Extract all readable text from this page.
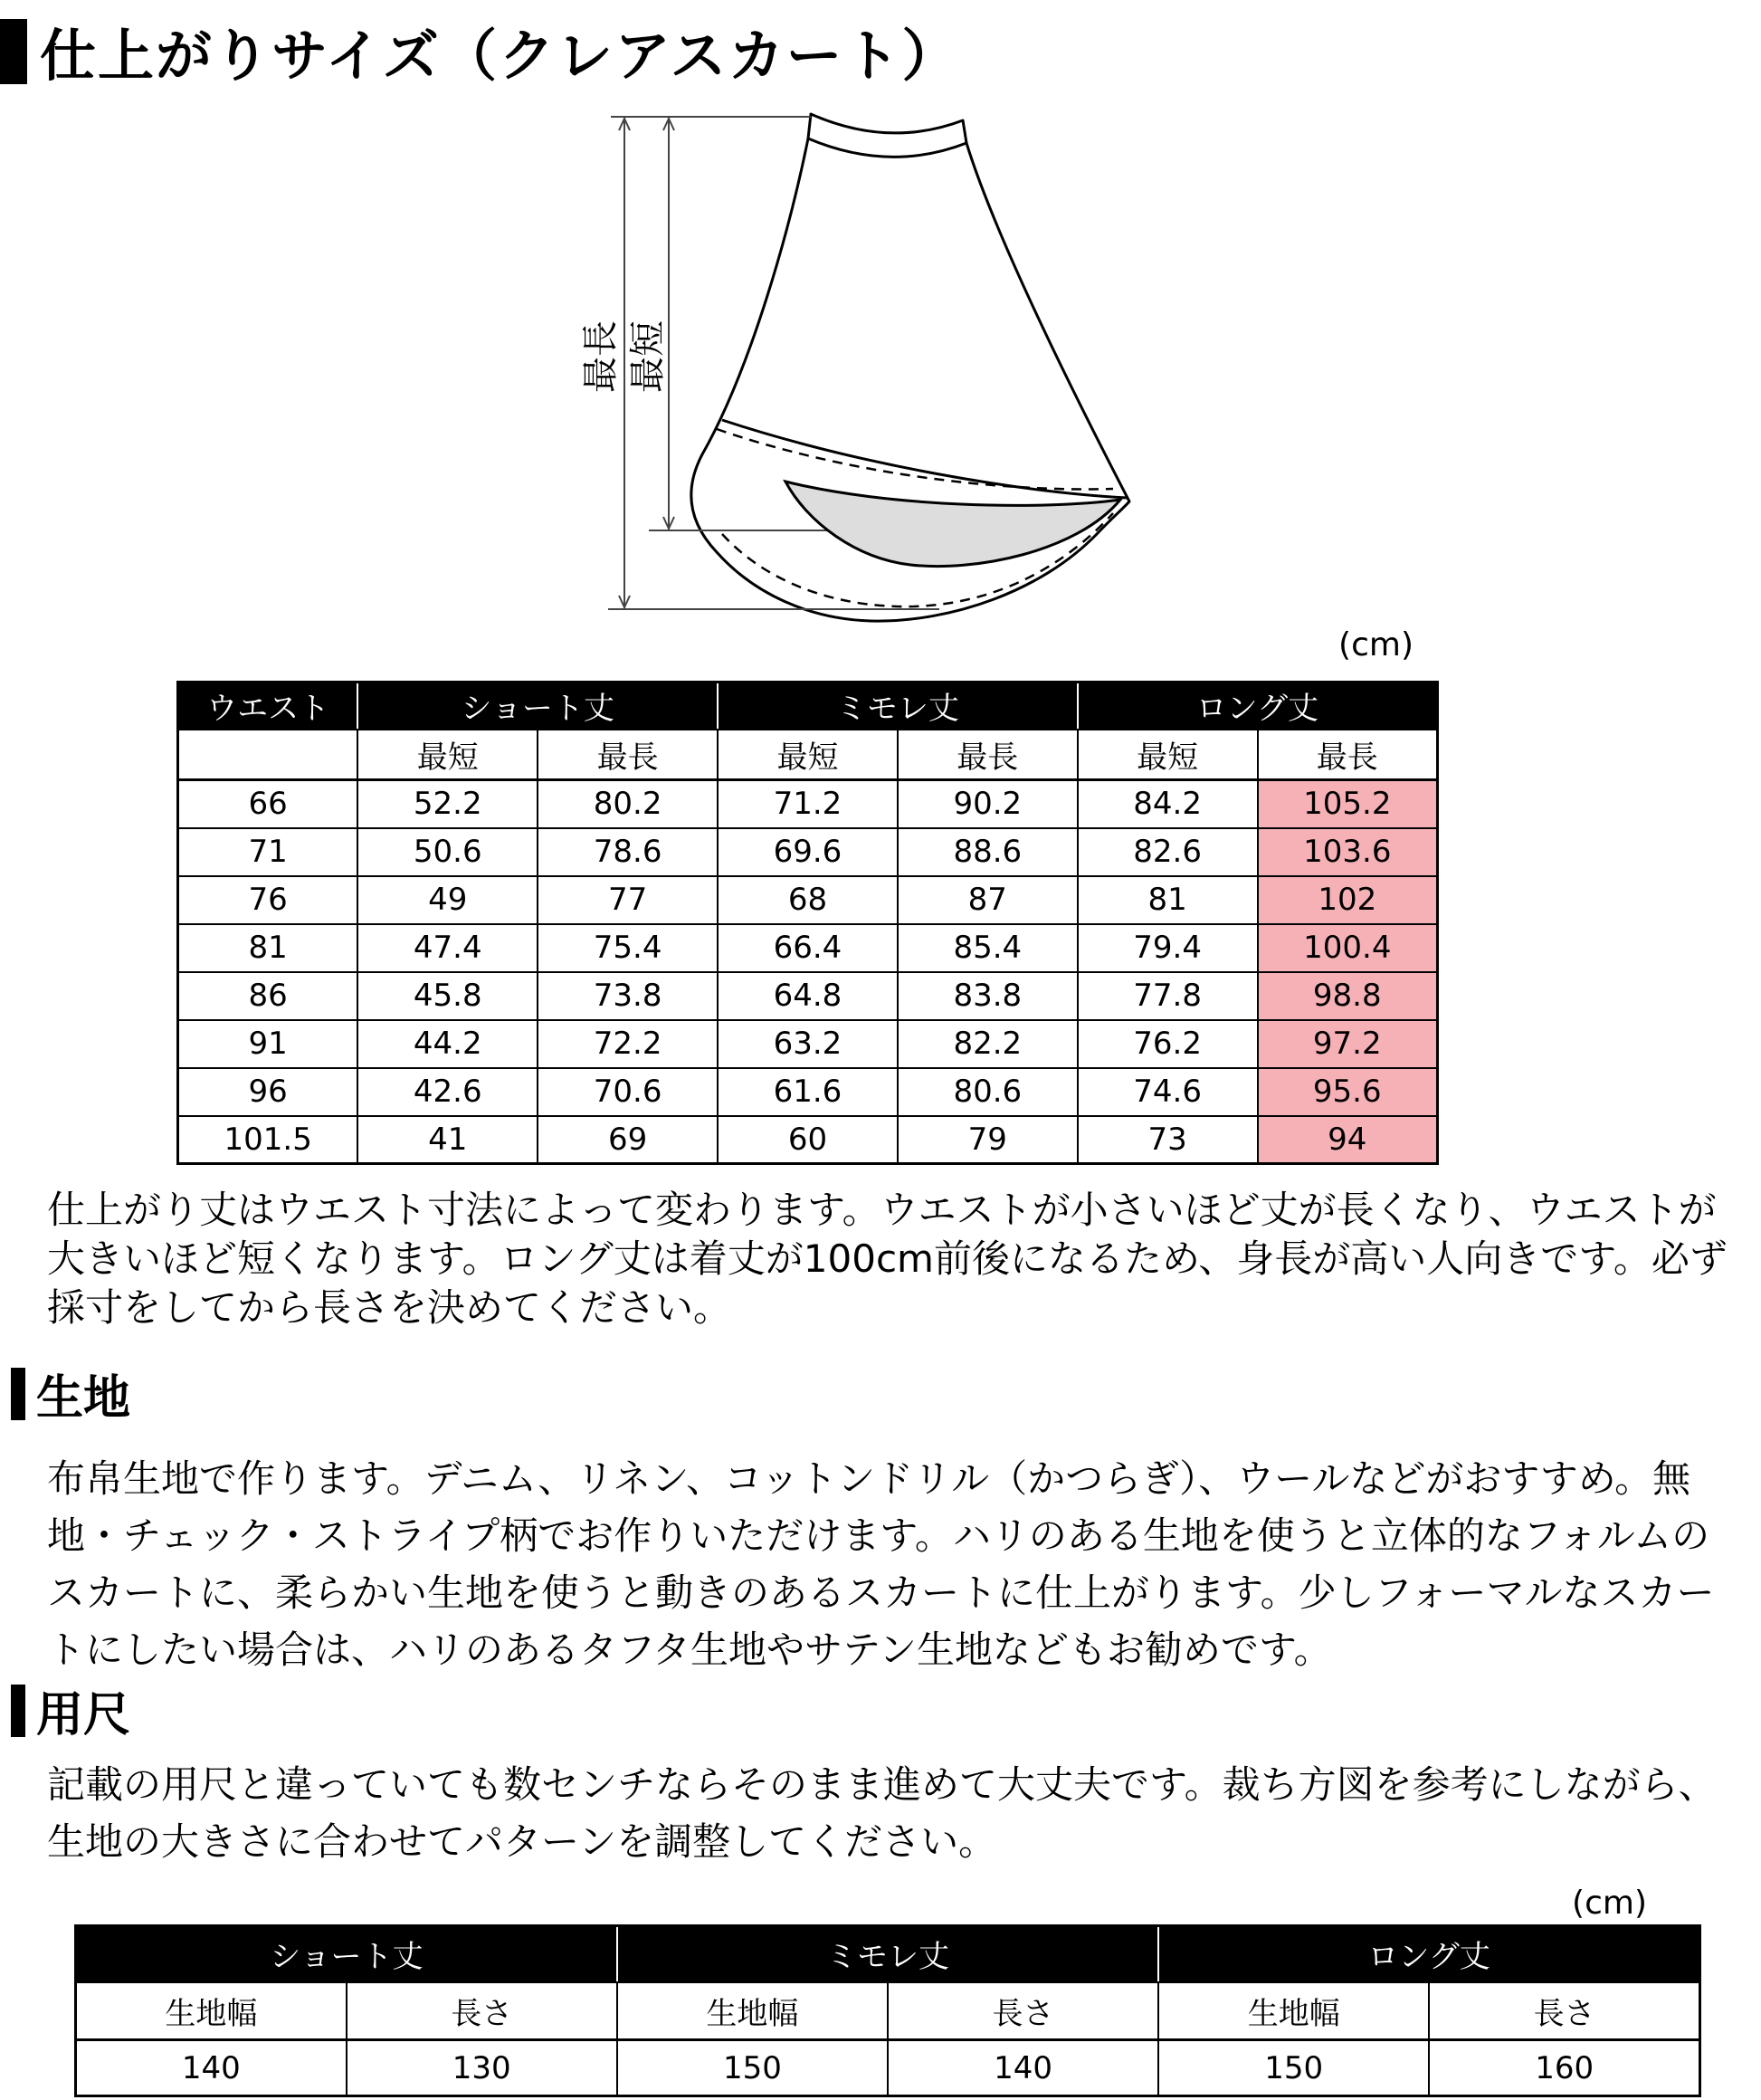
仕上がりサイズ（クレアスカート）
最長 最短
(cm)
ウエスト	ショート丈		ミモレ丈		ロング丈	
	最短	最長	最短	最長	最短	最長
66	52.2	80.2	71.2	90.2	84.2	105.2
71	50.6	78.6	69.6	88.6	82.6	103.6
76	49	77	68	87	81	102
81	47.4	75.4	66.4	85.4	79.4	100.4
86	45.8	73.8	64.8	83.8	77.8	98.8
91	44.2	72.2	63.2	82.2	76.2	97.2
96	42.6	70.6	61.6	80.6	74.6	95.6
101.5	41	69	60	79	73	94
仕上がり丈はウエスト寸法によって変わります。ウエストが小さいほど丈が長くなり、ウエストが大きいほど短くなります。ロング丈は着丈が100cm前後になるため、身長が高い人向きです。必ず採寸をしてから長さを決めてください。
生地
布帛生地で作ります。デニム、リネン、コットンドリル（かつらぎ）、ウールなどがおすすめ。無地・チェック・ストライプ柄でお作りいただけます。ハリのある生地を使うと立体的なフォルムのスカートに、柔らかい生地を使うと動きのあるスカートに仕上がります。少しフォーマルなスカートにしたい場合は、ハリのあるタフタ生地やサテン生地などもお勧めです。
用尺
記載の用尺と違っていても数センチならそのまま進めて大丈夫です。裁ち方図を参考にしながら、生地の大きさに合わせてパターンを調整してください。
(cm)
ショート丈		ミモレ丈		ロング丈	
生地幅	長さ	生地幅	長さ	生地幅	長さ
140	130	150	140	150	160
